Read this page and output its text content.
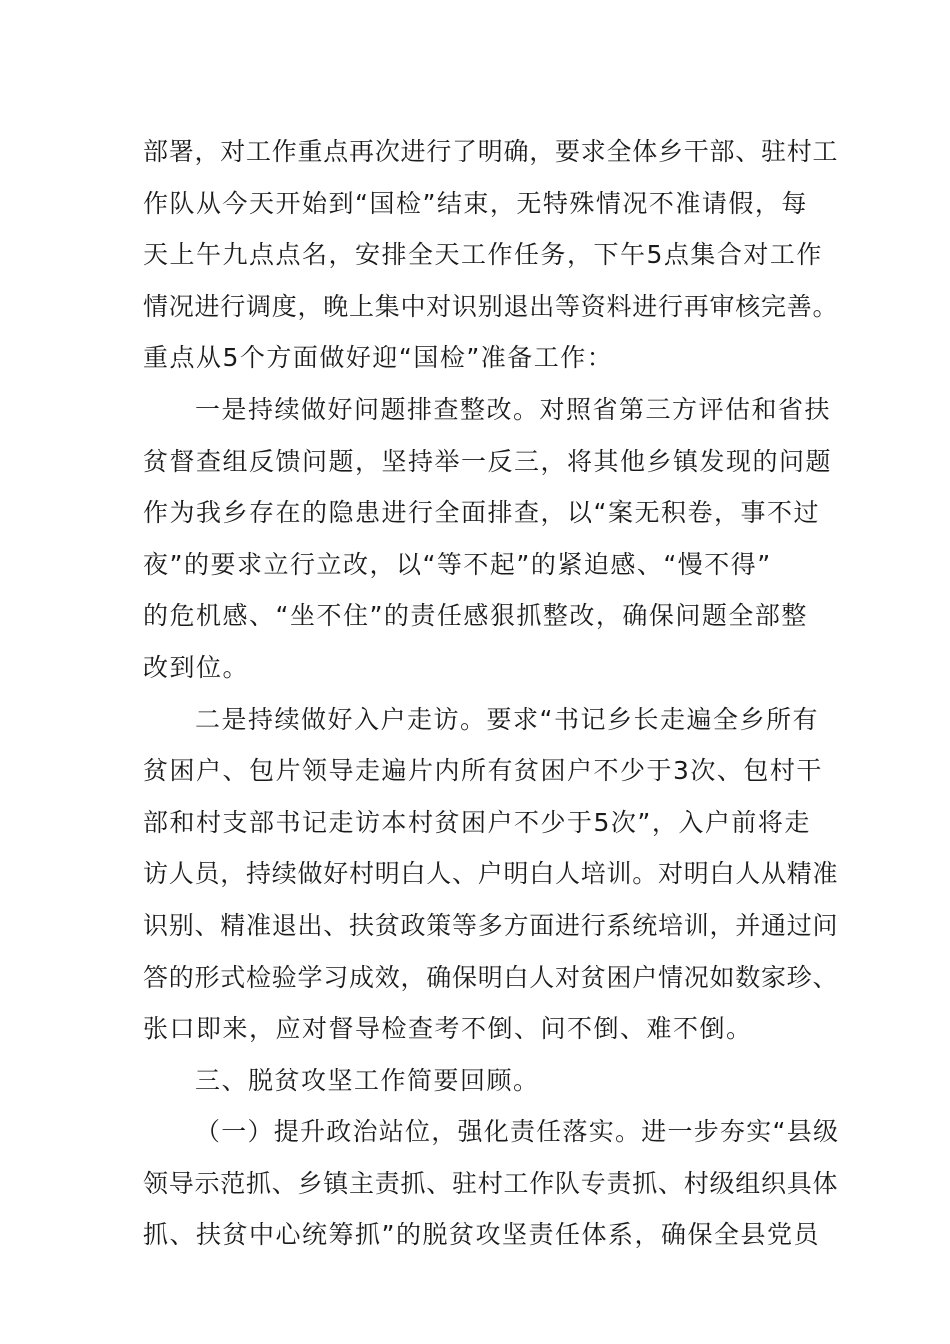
部署，对工作重点再次进行了明确，要求全体乡干部、驻村工
作队从今天开始到“国检”结束，无特殊情况不准请假，每
天上午九点点名，安排全天工作任务，下午5点集合对工作
情况进行调度，晚上集中对识别退出等资料进行再审核完善。
重点从5个方面做好迎“国检”准备工作：
一是持续做好问题排查整改。对照省第三方评估和省扶
贫督查组反馈问题，坚持举一反三，将其他乡镇发现的问题
作为我乡存在的隐患进行全面排查，以“案无积卷，事不过
夜”的要求立行立改，以“等不起”的紧迫感、“慢不得”
的危机感、“坐不住”的责任感狠抓整改，确保问题全部整
改到位。
二是持续做好入户走访。要求“书记乡长走遍全乡所有
贫困户、包片领导走遍片内所有贫困户不少于3次、包村干
部和村支部书记走访本村贫困户不少于5次”，入户前将走
访人员，持续做好村明白人、户明白人培训。对明白人从精准
识别、精准退出、扶贫政策等多方面进行系统培训，并通过问
答的形式检验学习成效，确保明白人对贫困户情况如数家珍、
张口即来，应对督导检查考不倒、问不倒、难不倒。
三、脱贫攻坚工作简要回顾。
（一）提升政治站位，强化责任落实。进一步夯实“县级
领导示范抓、乡镇主责抓、驻村工作队专责抓、村级组织具体
抓、扶贫中心统筹抓”的脱贫攻坚责任体系，确保全县党员
